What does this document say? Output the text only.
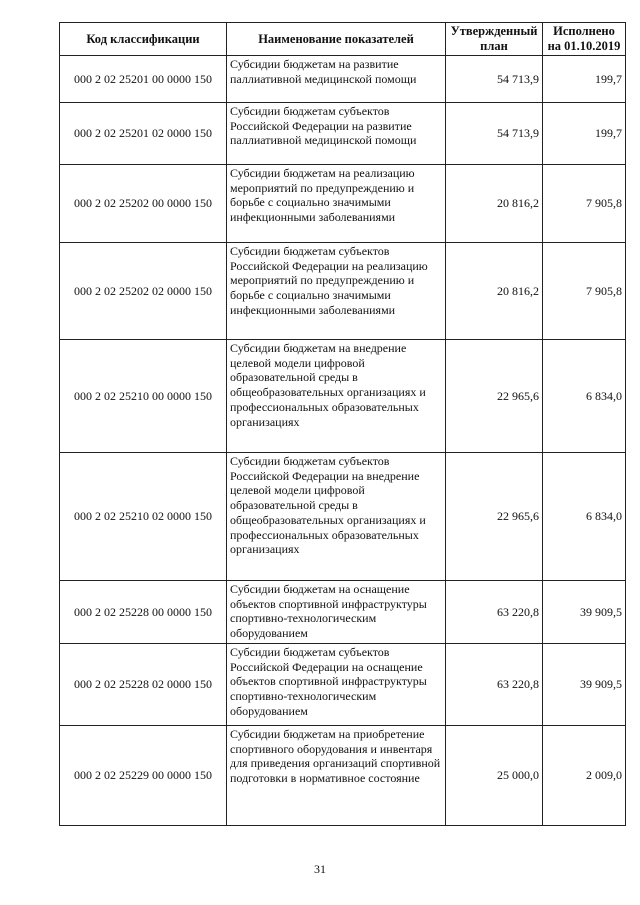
Код классификации	Наименование показателей	Утвержденный план	Исполнено на 01.10.2019
000 2 02 25201 00 0000 150	Субсидии бюджетам на развитие паллиативной медицинской помощи	54 713,9	199,7
000 2 02 25201 02 0000 150	Субсидии бюджетам субъектов Российской Федерации на развитие паллиативной медицинской помощи	54 713,9	199,7
000 2 02 25202 00 0000 150	Субсидии бюджетам на реализацию мероприятий по предупреждению и борьбе с социально значимыми инфекционными заболеваниями	20 816,2	7 905,8
000 2 02 25202 02 0000 150	Субсидии бюджетам субъектов Российской Федерации на реализацию мероприятий по предупреждению и борьбе с социально значимыми инфекционными заболеваниями	20 816,2	7 905,8
000 2 02 25210 00 0000 150	Субсидии бюджетам на внедрение целевой модели цифровой образовательной среды в общеобразовательных организациях и профессиональных образовательных организациях	22 965,6	6 834,0
000 2 02 25210 02 0000 150	Субсидии бюджетам субъектов Российской Федерации на внедрение целевой модели цифровой образовательной среды в общеобразовательных организациях и профессиональных образовательных организациях	22 965,6	6 834,0
000 2 02 25228 00 0000 150	Субсидии бюджетам на оснащение объектов спортивной инфраструктуры спортивно-технологическим оборудованием	63 220,8	39 909,5
000 2 02 25228 02 0000 150	Субсидии бюджетам субъектов Российской Федерации на оснащение объектов спортивной инфраструктуры спортивно-технологическим оборудованием	63 220,8	39 909,5
000 2 02 25229 00 0000 150	Субсидии бюджетам на приобретение спортивного оборудования и инвентаря для приведения организаций спортивной подготовки в нормативное состояние	25 000,0	2 009,0
31
